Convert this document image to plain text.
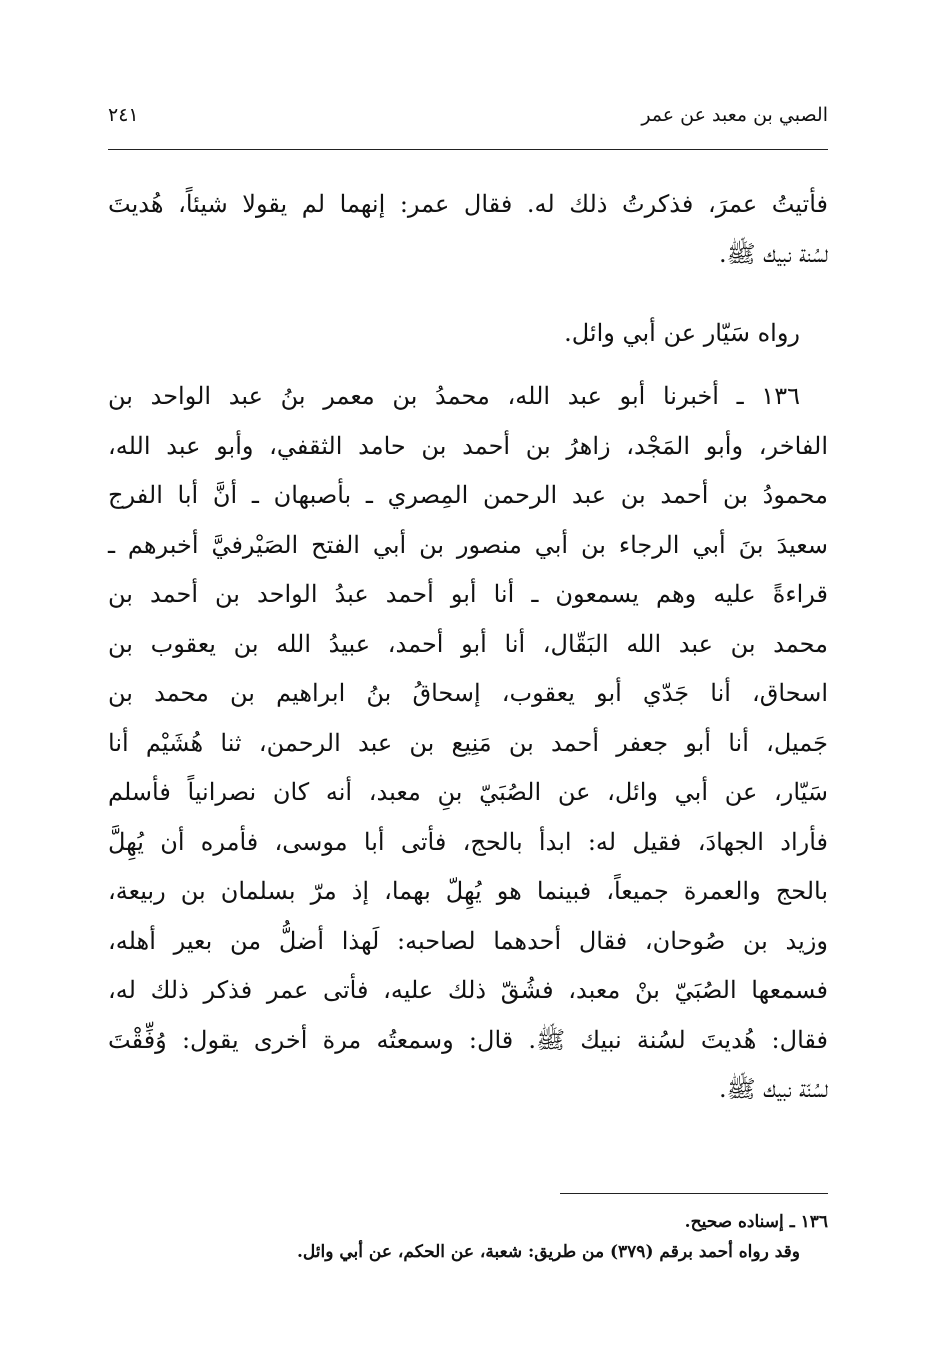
الصبي بن معبد عن عمر
٢٤١
فأتيتُ عمرَ، فذكرتُ ذلك له. فقال عمر: إنهما لم يقولا شيئاً، هُديتَ
لسُنة نبيك ﷺ.
رواه سَيّار عن أبي وائل.
١٣٦ ـ أخبرنا أبو عبد الله، محمدُ بن معمر بنُ عبد الواحد بن
الفاخر، وأبو المَجْد، زاهرُ بن أحمد بن حامد الثقفي، وأبو عبد الله،
محمودُ بن أحمد بن عبد الرحمن المِصري ـ بأصبهان ـ أنَّ أبا الفرج
سعيدَ بنَ أبي الرجاء بن أبي منصور بن أبي الفتح الصَيْرفيَّ أخبرهم ـ
قراءةً عليه وهم يسمعون ـ أنا أبو أحمد عبدُ الواحد بن أحمد بن
محمد بن عبد الله البَقّال، أنا أبو أحمد، عبيدُ الله بن يعقوب بن
اسحاق، أنا جَدّي أبو يعقوب، إسحاقُ بنُ ابراهيم بن محمد بن
جَميل، أنا أبو جعفر أحمد بن مَنِيع بن عبد الرحمن، ثنا هُشَيْم أنا
سَيّار، عن أبي وائل، عن الصُبَيّ بنِ معبد، أنه كان نصرانياً فأسلم
فأراد الجهادَ، فقيل له: ابدأ بالحج، فأتى أبا موسى، فأمره أن يُهِلَّ
بالحج والعمرة جميعاً، فبينما هو يُهِلّ بهما، إذ مرّ بسلمان بن ربيعة،
وزيد بن صُوحان، فقال أحدهما لصاحبه: لَهذا أضلُّ من بعير أهله،
فسمعها الصُبَيّ بنْ معبد، فشُقّ ذلك عليه، فأتى عمر فذكر ذلك له،
فقال: هُديتَ لسُنة نبيك ﷺ. قال: وسمعتُه مرة أخرى يقول: وُفِّقْتَ
لسُنّة نبيك ﷺ.
١٣٦ ـ إسناده صحيح.
وقد رواه أحمد برقم (٣٧٩) من طريق: شعبة، عن الحكم، عن أبي وائل.
